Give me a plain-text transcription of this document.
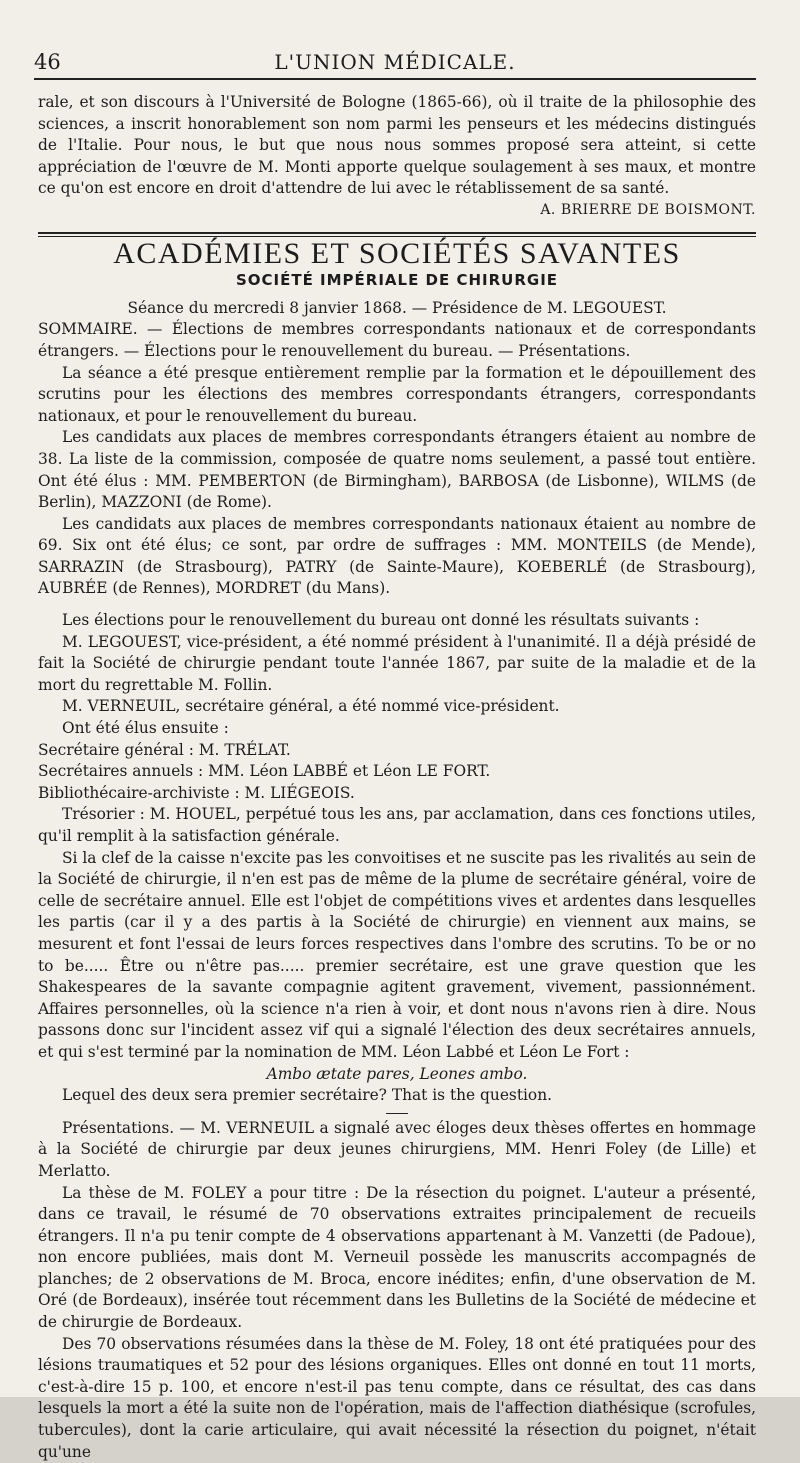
46	L'UNION MÉDICALE.

rale, et son discours à l'Université de Bologne (1865-66), où il traite de la philosophie des sciences, a inscrit honorablement son nom parmi les penseurs et les médecins distingués de l'Italie. Pour nous, le but que nous nous sommes proposé sera atteint, si cette appréciation de l'œuvre de M. Monti apporte quelque soulagement à ses maux, et montre ce qu'on est encore en droit d'attendre de lui avec le rétablissement de sa santé.

A. BRIERRE DE BOISMONT.

ACADÉMIES ET SOCIÉTÉS SAVANTES
SOCIÉTÉ IMPÉRIALE DE CHIRURGIE

Séance du mercredi 8 janvier 1868. — Présidence de M. LEGOUEST.

SOMMAIRE. — Élections de membres correspondants nationaux et de correspondants étrangers. — Élections pour le renouvellement du bureau. — Présentations.

La séance a été presque entièrement remplie par la formation et le dépouillement des scrutins pour les élections des membres correspondants étrangers, correspondants nationaux, et pour le renouvellement du bureau.

Les candidats aux places de membres correspondants étrangers étaient au nombre de 38. La liste de la commission, composée de quatre noms seulement, a passé tout entière. Ont été élus : MM. PEMBERTON (de Birmingham), BARBOSA (de Lisbonne), WILMS (de Berlin), MAZZONI (de Rome).

Les candidats aux places de membres correspondants nationaux étaient au nombre de 69. Six ont été élus; ce sont, par ordre de suffrages : MM. MONTEILS (de Mende), SARRAZIN (de Strasbourg), PATRY (de Sainte-Maure), KOEBERLÉ (de Strasbourg), AUBRÉE (de Rennes), MORDRET (du Mans).

Les élections pour le renouvellement du bureau ont donné les résultats suivants :

M. LEGOUEST, vice-président, a été nommé président à l'unanimité. Il a déjà présidé de fait la Société de chirurgie pendant toute l'année 1867, par suite de la maladie et de la mort du regrettable M. Follin.

M. VERNEUIL, secrétaire général, a été nommé vice-président.

Ont été élus ensuite :

Secrétaire général : M. TRÉLAT.

Secrétaires annuels : MM. Léon LABBÉ et Léon LE FORT.

Bibliothécaire-archiviste : M. LIÉGEOIS.

Trésorier : M. HOUEL, perpétué tous les ans, par acclamation, dans ces fonctions utiles, qu'il remplit à la satisfaction générale.

Si la clef de la caisse n'excite pas les convoitises et ne suscite pas les rivalités au sein de la Société de chirurgie, il n'en est pas de même de la plume de secrétaire général, voire de celle de secrétaire annuel. Elle est l'objet de compétitions vives et ardentes dans lesquelles les partis (car il y a des partis à la Société de chirurgie) en viennent aux mains, se mesurent et font l'essai de leurs forces respectives dans l'ombre des scrutins. To be or no to be..... Être ou n'être pas..... premier secrétaire, est une grave question que les Shakespeares de la savante compagnie agitent gravement, vivement, passionnément. Affaires personnelles, où la science n'a rien à voir, et dont nous n'avons rien à dire. Nous passons donc sur l'incident assez vif qui a signalé l'élection des deux secrétaires annuels, et qui s'est terminé par la nomination de MM. Léon Labbé et Léon Le Fort :

Ambo ætate pares, Leones ambo.

Lequel des deux sera premier secrétaire? That is the question.

Présentations. — M. VERNEUIL a signalé avec éloges deux thèses offertes en hommage à la Société de chirurgie par deux jeunes chirurgiens, MM. Henri Foley (de Lille) et Merlatto.

La thèse de M. FOLEY a pour titre : De la résection du poignet. L'auteur a présenté, dans ce travail, le résumé de 70 observations extraites principalement de recueils étrangers. Il n'a pu tenir compte de 4 observations appartenant à M. Vanzetti (de Padoue), non encore publiées, mais dont M. Verneuil possède les manuscrits accompagnés de planches; de 2 observations de M. Broca, encore inédites; enfin, d'une observation de M. Oré (de Bordeaux), insérée tout récemment dans les Bulletins de la Société de médecine et de chirurgie de Bordeaux.

Des 70 observations résumées dans la thèse de M. Foley, 18 ont été pratiquées pour des lésions traumatiques et 52 pour des lésions organiques. Elles ont donné en tout 11 morts, c'est-à-dire 15 p. 100, et encore n'est-il pas tenu compte, dans ce résultat, des cas dans lesquels la mort a été la suite non de l'opération, mais de l'affection diathésique (scrofules, tubercules), dont la carie articulaire, qui avait nécessité la résection du poignet, n'était qu'une
